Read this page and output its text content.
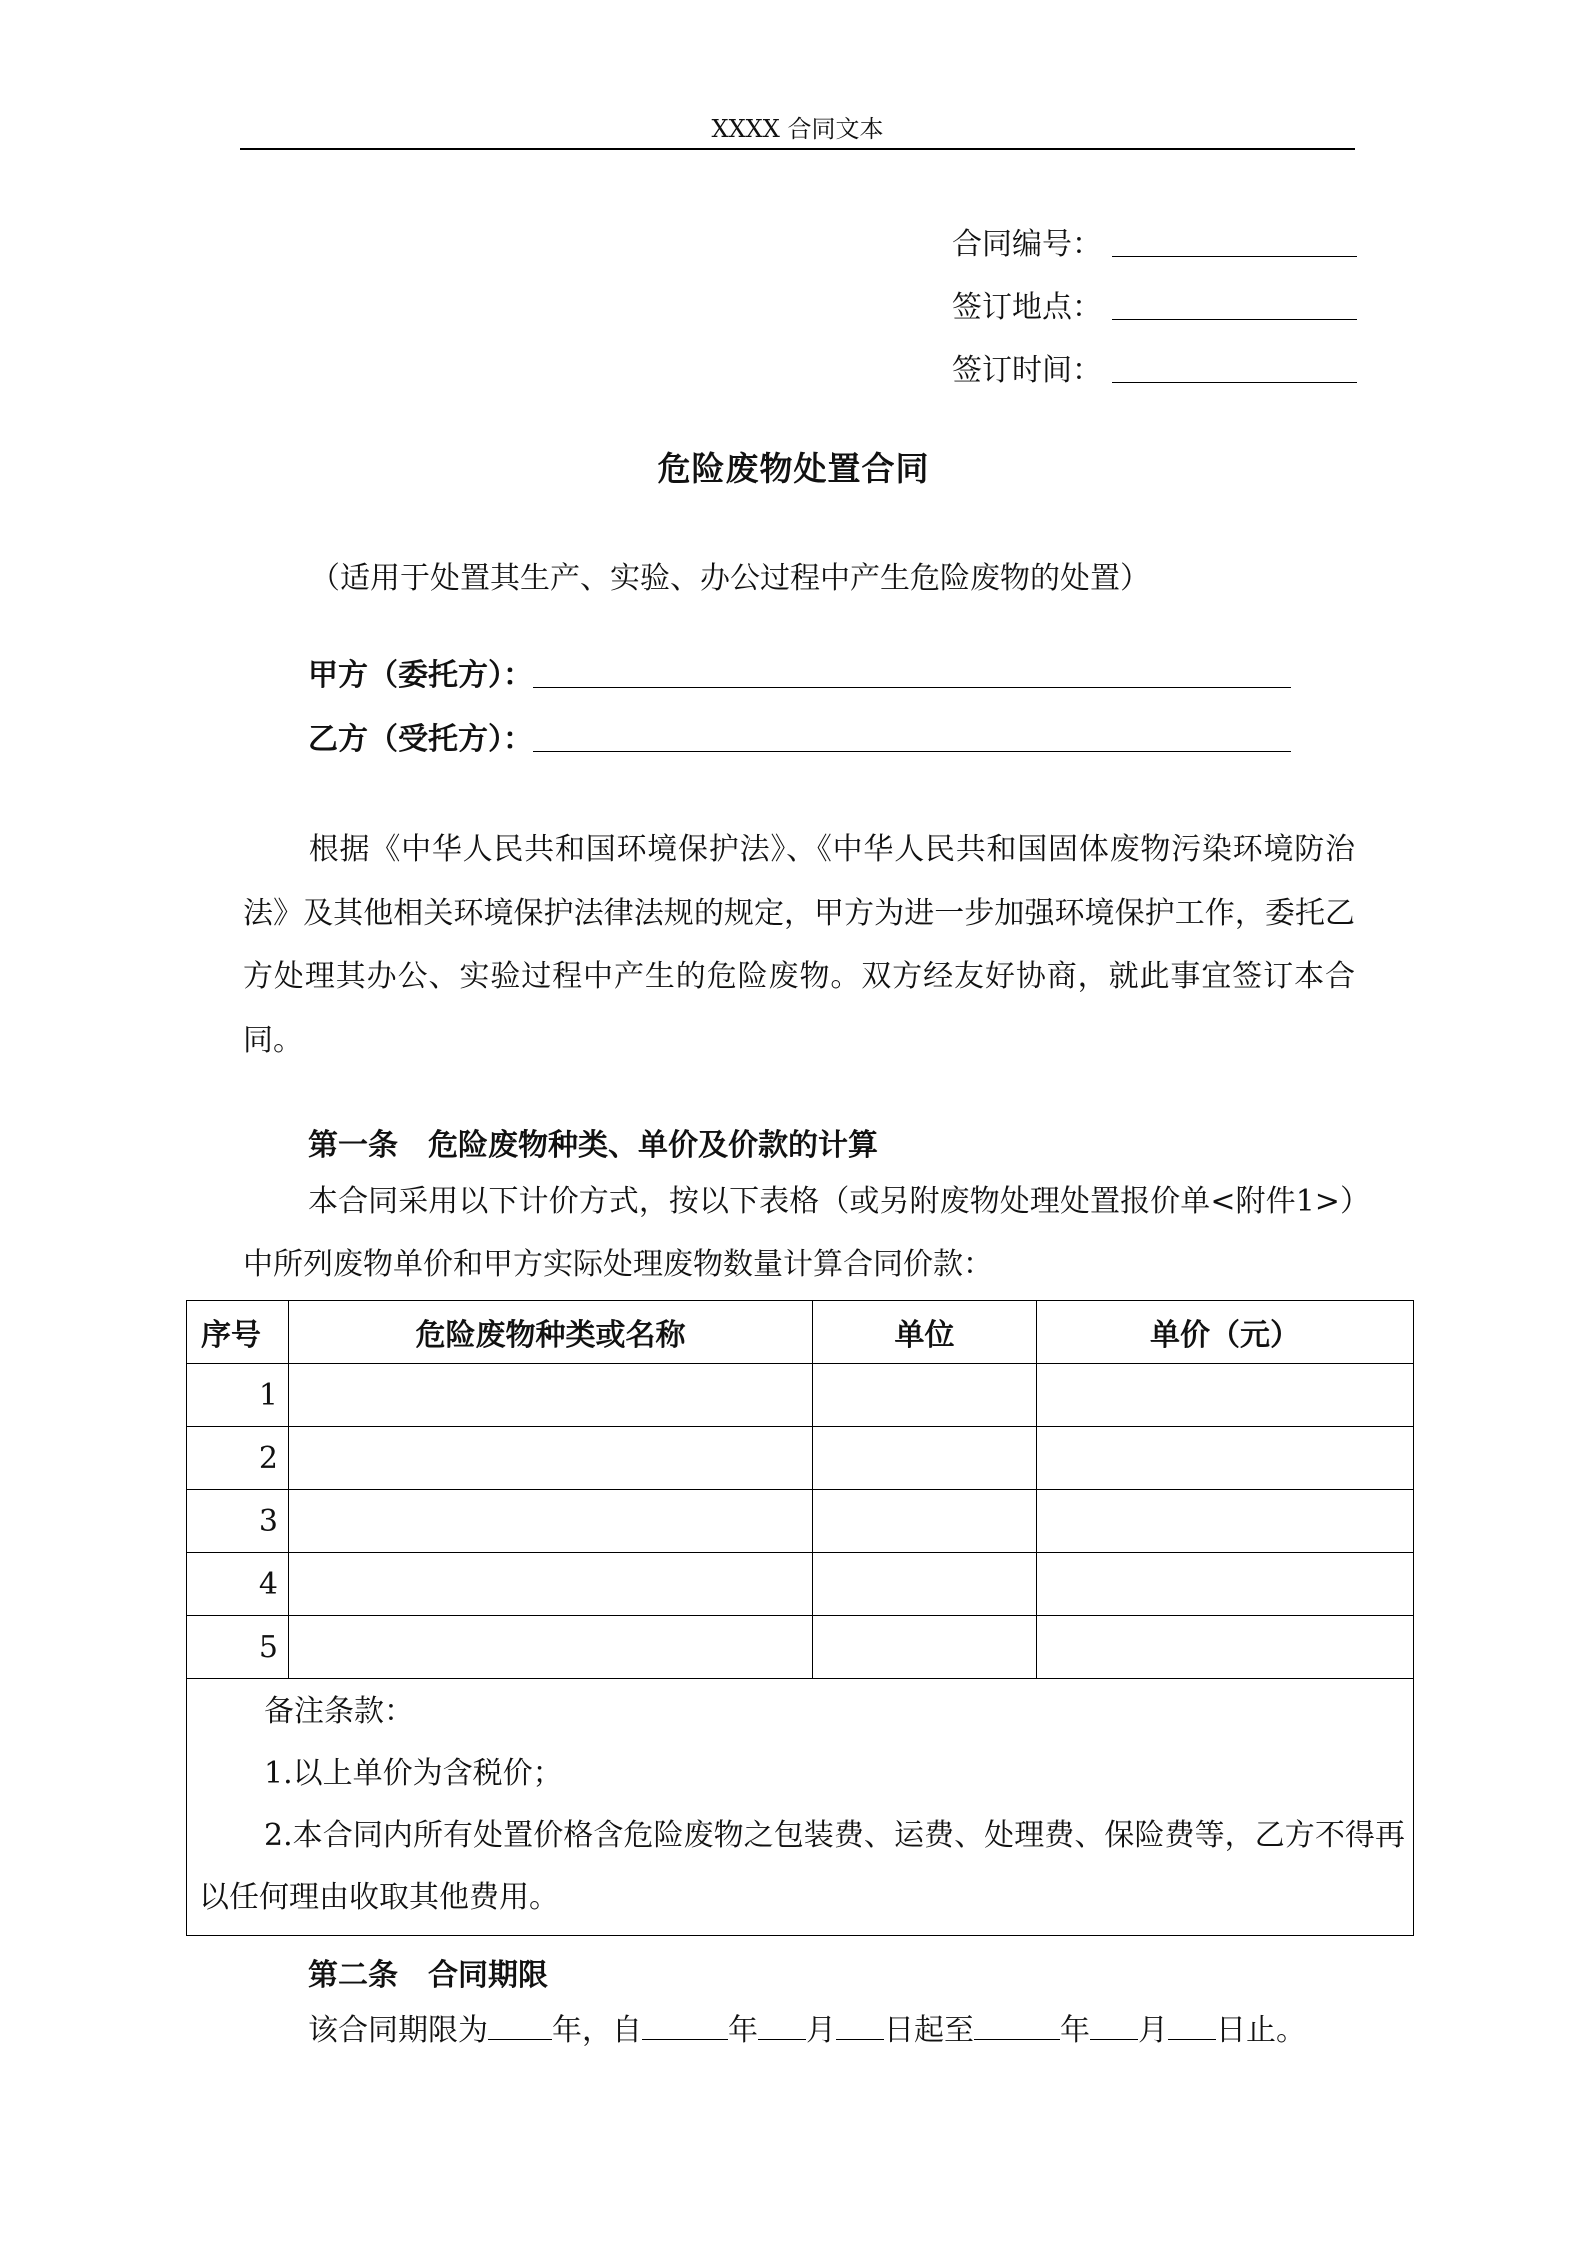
XXXX 合同文本
合同编号：
签订地点：
签订时间：
危险废物处置合同
（适用于处置其生产、实验、办公过程中产生危险废物的处置）
甲方（委托方）：
乙方（受托方）：
根据《中华人民共和国环境保护法》、《中华人民共和国固体废物污染环境防治法》及其他相关环境保护法律法规的规定，甲方为进一步加强环境保护工作，委托乙方处理其办公、实验过程中产生的危险废物。双方经友好协商，就此事宜签订本合同。
第一条　危险废物种类、单价及价款的计算
本合同采用以下计价方式，按以下表格（或另附废物处理处置报价单<附件1>）中所列废物单价和甲方实际处理废物数量计算合同价款：
序号	危险废物种类或名称	单位	单价（元）
1			
2			
3			
4			
5			

备注条款：

1.以上单价为含税价；

2.本合同内所有处置价格含危险废物之包装费、运费、处理费、保险费等，乙方不得再以任何理由收取其他费用。			

第二条　合同期限
该合同期限为 年，自	年 月 日起至	年 月 日止。
